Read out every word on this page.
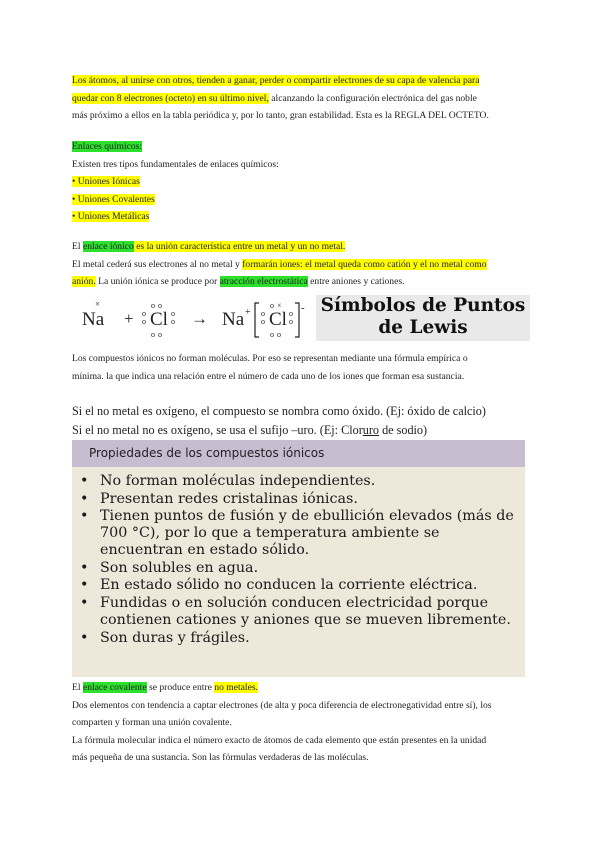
Los átomos, al unirse con otros, tienden a ganar, perder o compartir electrones de su capa de valencia para
quedar con 8 electrones (octeto) en su último nivel, alcanzando la configuración electrónica del gas noble
más próximo a ellos en la tabla periódica y, por lo tanto, gran estabilidad. Esta es la REGLA DEL OCTETO.
Enlaces químicos:
Existen tres tipos fundamentales de enlaces químicos:
• Uniones Iónicas
• Uniones Covalentes
• Uniones Metálicas
El enlace iónico es la unión característica entre un metal y un no metal.
El metal cederá sus electrones al no metal y formarán iones: el metal queda como catión y el no metal como
anión. La unión iónica se produce por atracción electrostática entre aniones y cationes.
Na
×
+ Cl
o o
o
o
o
o
o o
→ Na + Cl
o ×
o
o
o
o
o o
- Símbolos de Puntos
de Lewis
Los compuestos iónicos no forman moléculas. Por eso se representan mediante una fórmula empírica o
mínima. la que indica una relación entre el número de cada uno de los iones que forman esa sustancia.
Si el no metal es oxígeno, el compuesto se nombra como óxido. (Ej: óxido de calcio)
Si el no metal no es oxígeno, se usa el sufijo –uro. (Ej: Cloruro de sodio)
Propiedades de los compuestos iónicos
• No forman moléculas independientes.
• Presentan redes cristalinas iónicas.
• Tienen puntos de fusión y de ebullición elevados (más de 700 °C), por lo que a temperatura ambiente se encuentran en estado sólido.
• Son solubles en agua.
• En estado sólido no conducen la corriente eléctrica.
• Fundidas o en solución conducen electricidad porque contienen cationes y aniones que se mueven libremente.
• Son duras y frágiles.
El enlace covalente se produce entre no metales.
Dos elementos con tendencia a captar electrones (de alta y poca diferencia de electronegatividad entre sí), los
comparten y forman una unión covalente.
La fórmula molecular indica el número exacto de átomos de cada elemento que están presentes en la unidad
más pequeña de una sustancia. Son las fórmulas verdaderas de las moléculas.
